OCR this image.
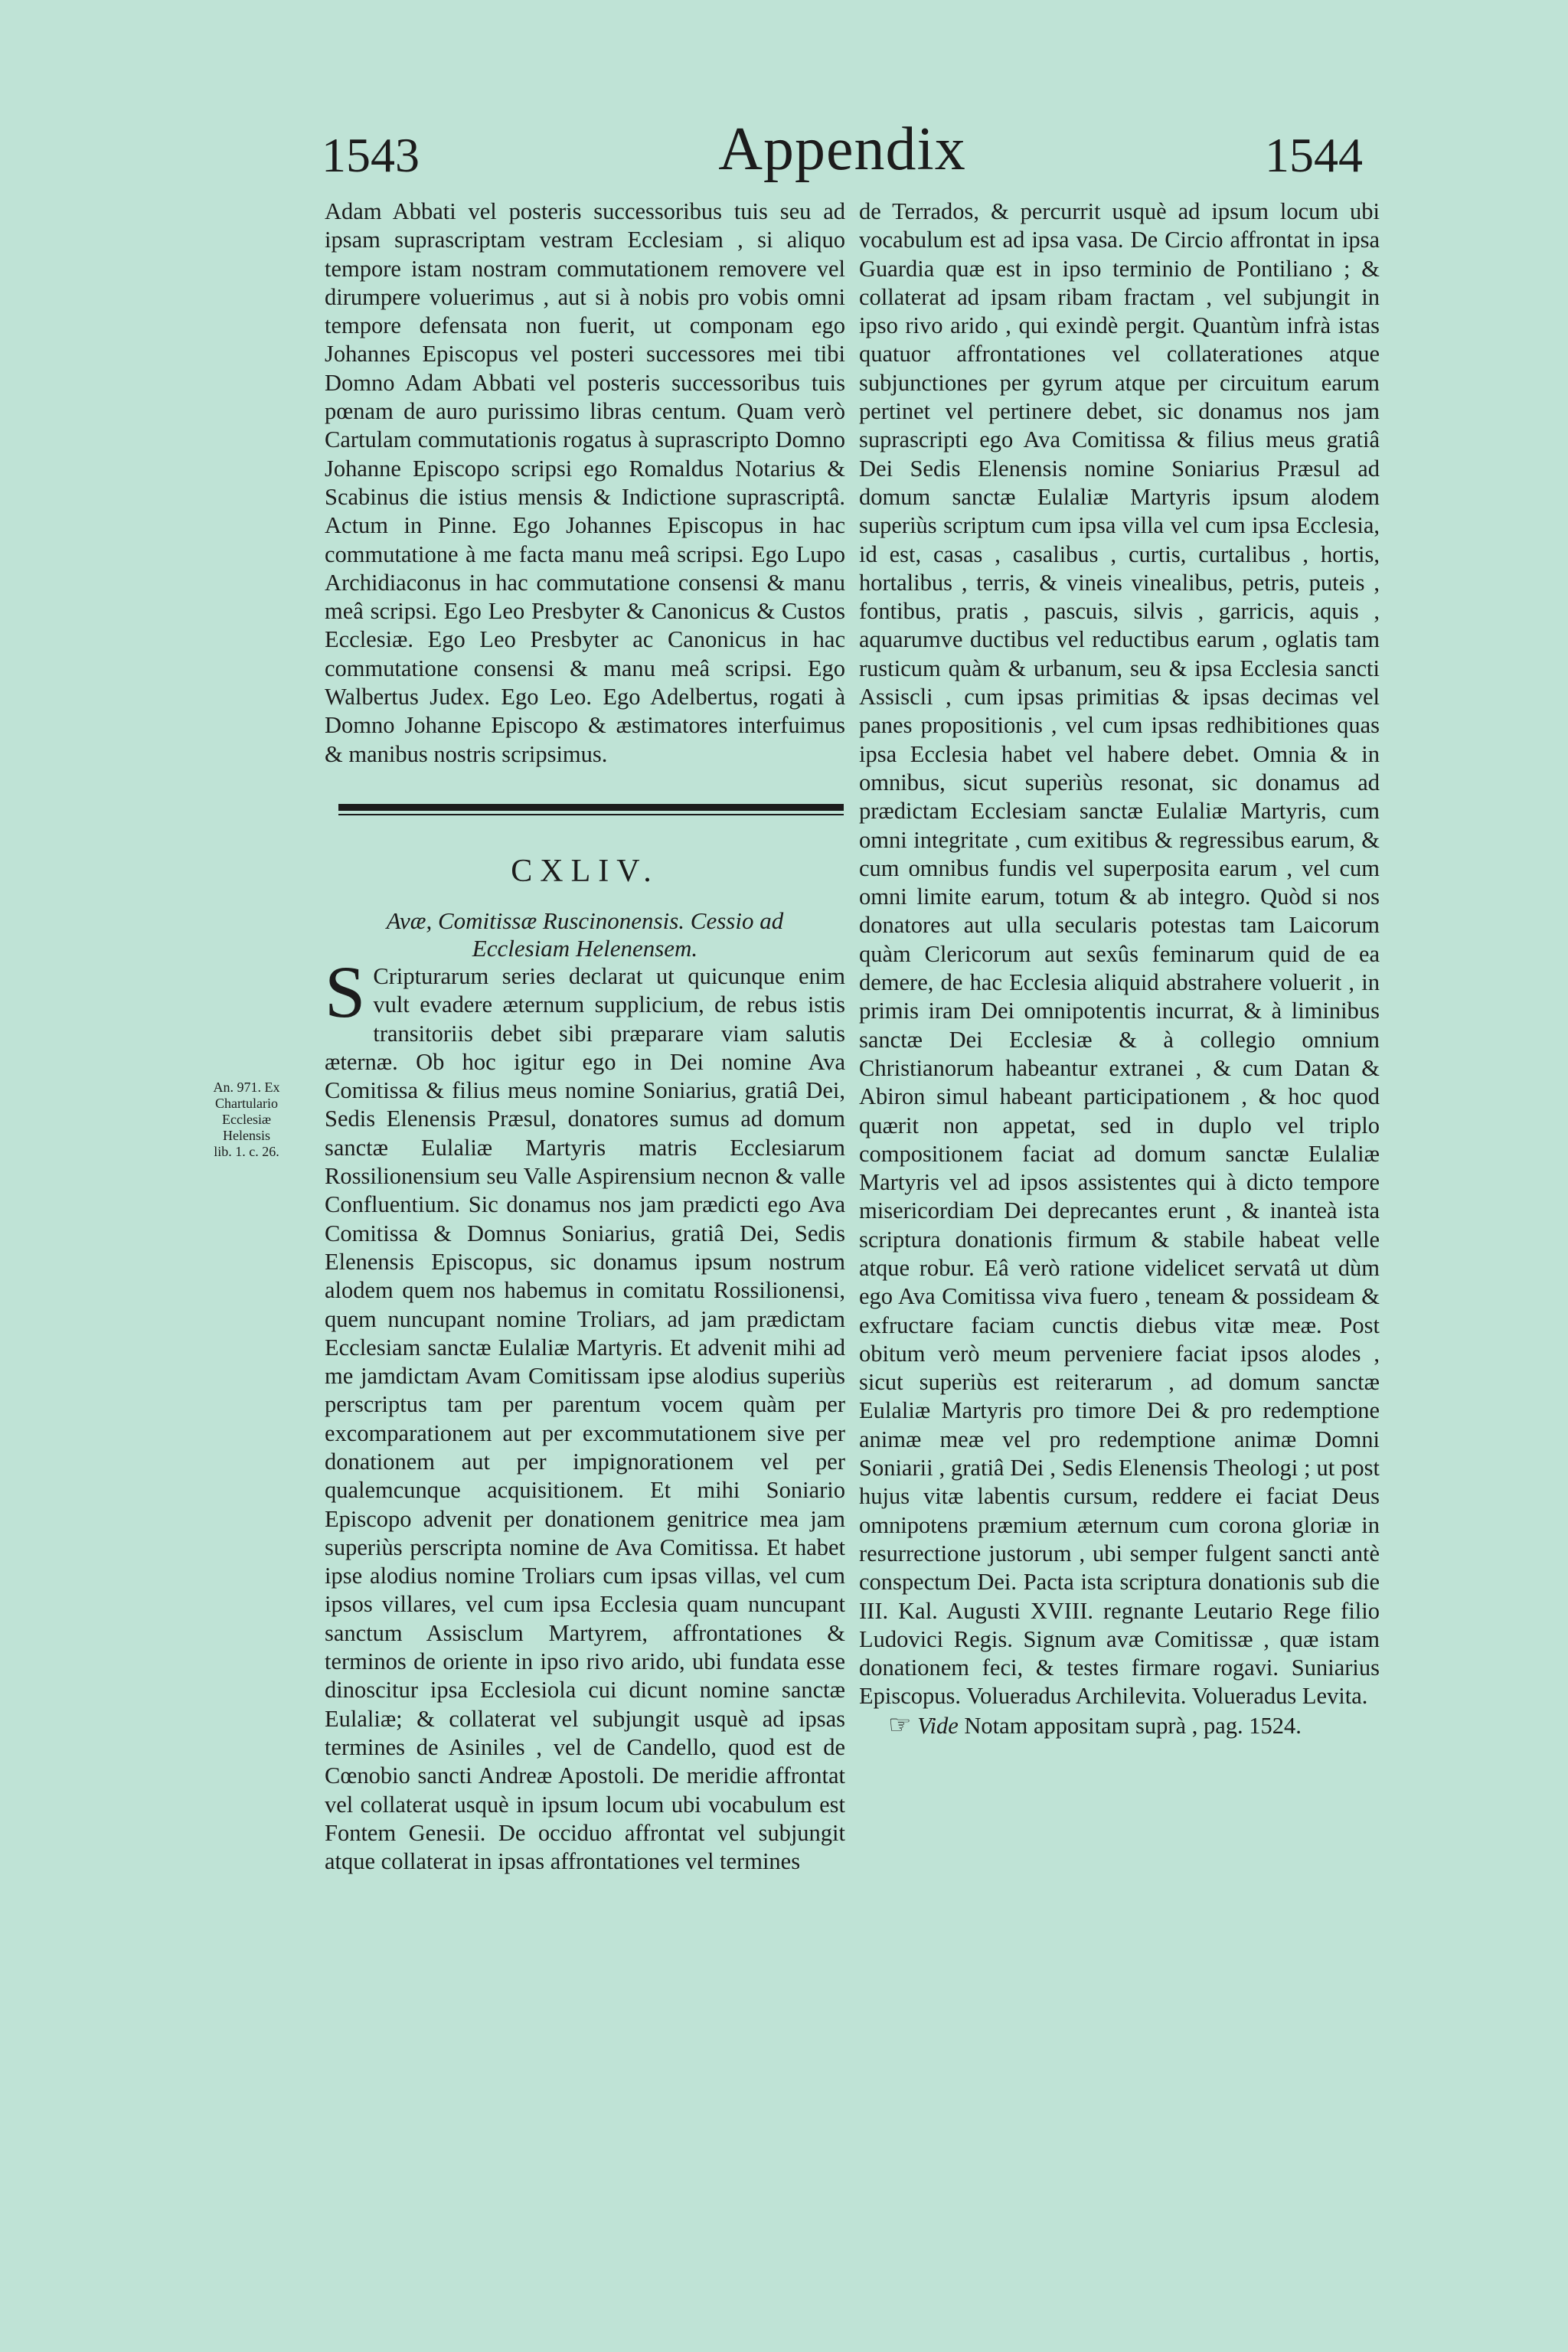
1543	Appendix	1544

Adam Abbati vel posteris successoribus tuis seu ad ipsam suprascriptam vestram Ecclesiam , si aliquo tempore istam nostram commutationem removere vel dirumpere voluerimus , aut si à nobis pro vobis omni tempore defensata non fuerit, ut componam ego Johannes Episcopus vel posteri successores mei tibi Domno Adam Abbati vel posteris successoribus tuis pœnam de auro purissimo libras centum. Quam verò Cartulam commutationis rogatus à suprascripto Domno Johanne Episcopo scripsi ego Romaldus Notarius & Scabinus die istius mensis & Indictione suprascriptâ. Actum in Pinne. Ego Johannes Episcopus in hac commutatione à me facta manu meâ scripsi. Ego Lupo Archidiaconus in hac commutatione consensi & manu meâ scripsi. Ego Leo Presbyter & Canonicus & Custos Ecclesiæ. Ego Leo Presbyter ac Canonicus in hac commutatione consensi & manu meâ scripsi. Ego Walbertus Judex. Ego Leo. Ego Adelbertus, rogati à Domno Johanne Episcopo & æstimatores interfuimus & manibus nostris scripsimus.

CXLIV.
Avæ, Comitissæ Ruscinonensis. Cessio ad
Ecclesiam Helenensem.

S Cripturarum series declarat ut quicunque enim vult evadere æternum supplicium, de rebus istis transitoriis debet sibi præparare viam salutis æternæ. Ob hoc igitur ego in Dei nomine Ava Comitissa & filius meus nomine Soniarius, gratiâ Dei, Sedis Elenensis Præsul, donatores sumus ad domum sanctæ Eulaliæ Martyris matris Ecclesiarum Rossilionensium seu Valle Aspirensium necnon & valle Confluentium. Sic donamus nos jam prædicti ego Ava Comitissa & Domnus Soniarius, gratiâ Dei, Sedis Elenensis Episcopus, sic donamus ipsum nostrum alodem quem nos habemus in comitatu Rossilionensi, quem nuncupant nomine Troliars, ad jam prædictam Ecclesiam sanctæ Eulaliæ Martyris. Et advenit mihi ad me jamdictam Avam Comitissam ipse alodius superiùs perscriptus tam per parentum vocem quàm per excomparationem aut per excommutationem sive per donationem aut per impignorationem vel per qualemcunque acquisitionem. Et mihi Soniario Episcopo advenit per donationem genitrice mea jam superiùs perscripta nomine de Ava Comitissa. Et habet ipse alodius nomine Troliars cum ipsas villas, vel cum ipsos villares, vel cum ipsa Ecclesia quam nuncupant sanctum Assisclum Martyrem, affrontationes & terminos de oriente in ipso rivo arido, ubi fundata esse dinoscitur ipsa Ecclesiola cui dicunt nomine sanctæ Eulaliæ; & collaterat vel subjungit usquè ad ipsas termines de Asiniles , vel de Candello, quod est de Cœnobio sancti Andreæ Apostoli. De meridie affrontat vel collaterat usquè in ipsum locum ubi vocabulum est Fontem Genesii. De occiduo affrontat vel subjungit atque collaterat in ipsas affrontationes vel termines

An. 971. Ex Chartulario Ecclesiæ Helensis lib. 1. c. 26.

de Terrados, & percurrit usquè ad ipsum locum ubi vocabulum est ad ipsa vasa. De Circio affrontat in ipsa Guardia quæ est in ipso terminio de Pontiliano ; & collaterat ad ipsam ribam fractam , vel subjungit in ipso rivo arido , qui exindè pergit. Quantùm infrà istas quatuor affrontationes vel collaterationes atque subjunctiones per gyrum atque per circuitum earum pertinet vel pertinere debet, sic donamus nos jam suprascripti ego Ava Comitissa & filius meus gratiâ Dei Sedis Elenensis nomine Soniarius Præsul ad domum sanctæ Eulaliæ Martyris ipsum alodem superiùs scriptum cum ipsa villa vel cum ipsa Ecclesia, id est, casas , casalibus , curtis, curtalibus , hortis, hortalibus , terris, & vineis vinealibus, petris, puteis , fontibus, pratis , pascuis, silvis , garricis, aquis , aquarumve ductibus vel reductibus earum , oglatis tam rusticum quàm & urbanum, seu & ipsa Ecclesia sancti Assiscli , cum ipsas primitias & ipsas decimas vel panes propositionis , vel cum ipsas redhibitiones quas ipsa Ecclesia habet vel habere debet. Omnia & in omnibus, sicut superiùs resonat, sic donamus ad prædictam Ecclesiam sanctæ Eulaliæ Martyris, cum omni integritate , cum exitibus & regressibus earum, & cum omnibus fundis vel superposita earum , vel cum omni limite earum, totum & ab integro. Quòd si nos donatores aut ulla secularis potestas tam Laicorum quàm Clericorum aut sexûs feminarum quid de ea demere, de hac Ecclesia aliquid abstrahere voluerit , in primis iram Dei omnipotentis incurrat, & à liminibus sanctæ Dei Ecclesiæ & à collegio omnium Christianorum habeantur extranei , & cum Datan & Abiron simul habeant participationem , & hoc quod quærit non appetat, sed in duplo vel triplo compositionem faciat ad domum sanctæ Eulaliæ Martyris vel ad ipsos assistentes qui à dicto tempore misericordiam Dei deprecantes erunt , & inanteà ista scriptura donationis firmum & stabile habeat velle atque robur. Eâ verò ratione videlicet servatâ ut dùm ego Ava Comitissa viva fuero , teneam & possideam & exfructare faciam cunctis diebus vitæ meæ. Post obitum verò meum perveniere faciat ipsos alodes , sicut superiùs est reiterarum , ad domum sanctæ Eulaliæ Martyris pro timore Dei & pro redemptione animæ meæ vel pro redemptione animæ Domni Soniarii , gratiâ Dei , Sedis Elenensis Theologi ; ut post hujus vitæ labentis cursum, reddere ei faciat Deus omnipotens præmium æternum cum corona gloriæ in resurrectione justorum , ubi semper fulgent sancti antè conspectum Dei. Pacta ista scriptura donationis sub die III. Kal. Augusti XVIII. regnante Leutario Rege filio Ludovici Regis. Signum avæ Comitissæ , quæ istam donationem feci, & testes firmare rogavi. Suniarius Episcopus. Volueradus Archilevita. Volueradus Levita.

☞ Vide Notam appositam suprà , pag. 1524.
